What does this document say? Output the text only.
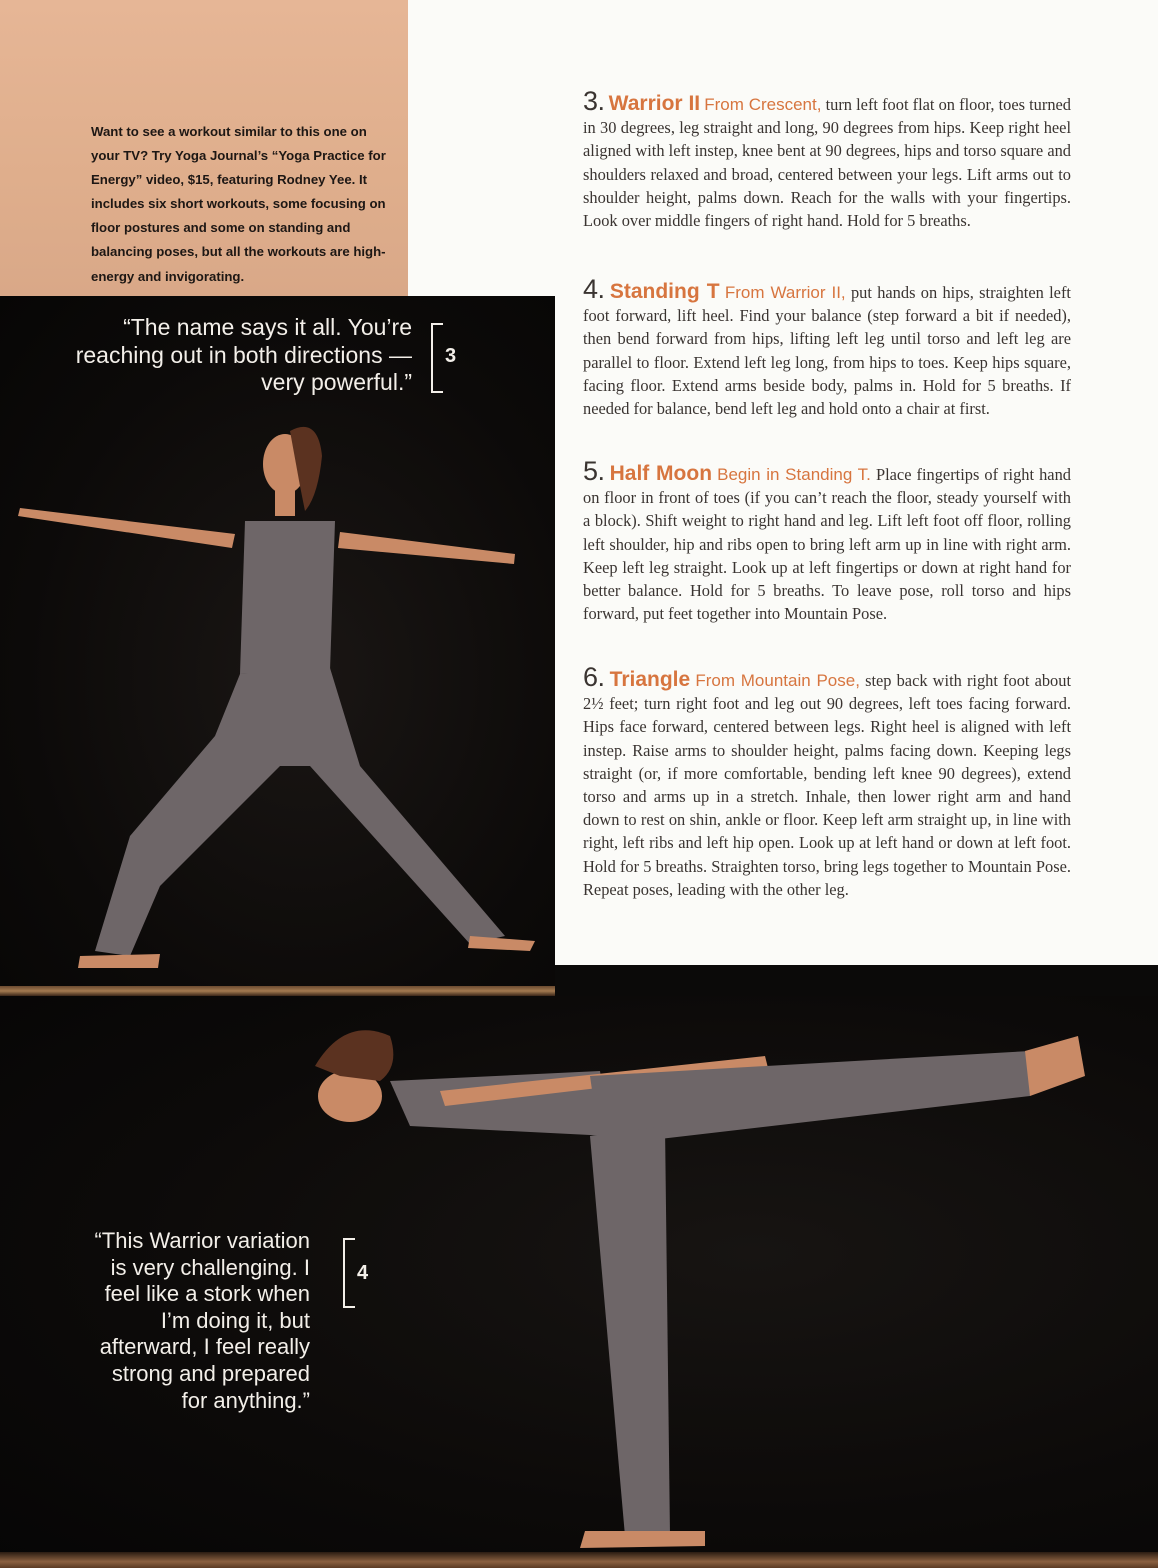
Want to see a workout similar to this one on your TV? Try Yoga Journal’s “Yoga Practice for Energy” video, $15, featuring Rodney Yee. It includes six short workouts, some focusing on floor postures and some on standing and balancing poses, but all the workouts are high-energy and invigorating.

3. Warrior II From Crescent, turn left foot flat on floor, toes turned in 30 degrees, leg straight and long, 90 degrees from hips. Keep right heel aligned with left instep, knee bent at 90 degrees, hips and torso square and shoulders relaxed and broad, centered between your legs. Lift arms out to shoulder height, palms down. Reach for the walls with your fingertips. Look over middle fingers of right hand. Hold for 5 breaths.

4. Standing T From Warrior II, put hands on hips, straighten left foot forward, lift heel. Find your balance (step forward a bit if needed), then bend forward from hips, lifting left leg until torso and left leg are parallel to floor. Extend left leg long, from hips to toes. Keep hips square, facing floor. Extend arms beside body, palms in. Hold for 5 breaths. If needed for balance, bend left leg and hold onto a chair at first.

5. Half Moon Begin in Standing T. Place fingertips of right hand on floor in front of toes (if you can’t reach the floor, steady yourself with a block). Shift weight to right hand and leg. Lift left foot off floor, rolling left shoulder, hip and ribs open to bring left arm up in line with right arm. Keep left leg straight. Look up at left fingertips or down at right hand for better balance. Hold for 5 breaths. To leave pose, roll torso and hips forward, put feet together into Mountain Pose.

6. Triangle From Mountain Pose, step back with right foot about 2½ feet; turn right foot and leg out 90 degrees, left toes facing forward. Hips face forward, centered between legs. Right heel is aligned with left instep. Raise arms to shoulder height, palms facing down. Keeping legs straight (or, if more comfortable, bending left knee 90 degrees), extend torso and arms up in a stretch. Inhale, then lower right arm and hand down to rest on shin, ankle or floor. Keep left arm straight up, in line with right, left ribs and left hip open. Look up at left hand or down at left foot. Hold for 5 breaths. Straighten torso, bring legs together to Mountain Pose. Repeat poses, leading with the other leg.

“The name says it all. You’re reaching out in both directions — very powerful.”

3

“This Warrior variation is very challenging. I feel like a stork when I’m doing it, but afterward, I feel really strong and prepared for anything.”

4
